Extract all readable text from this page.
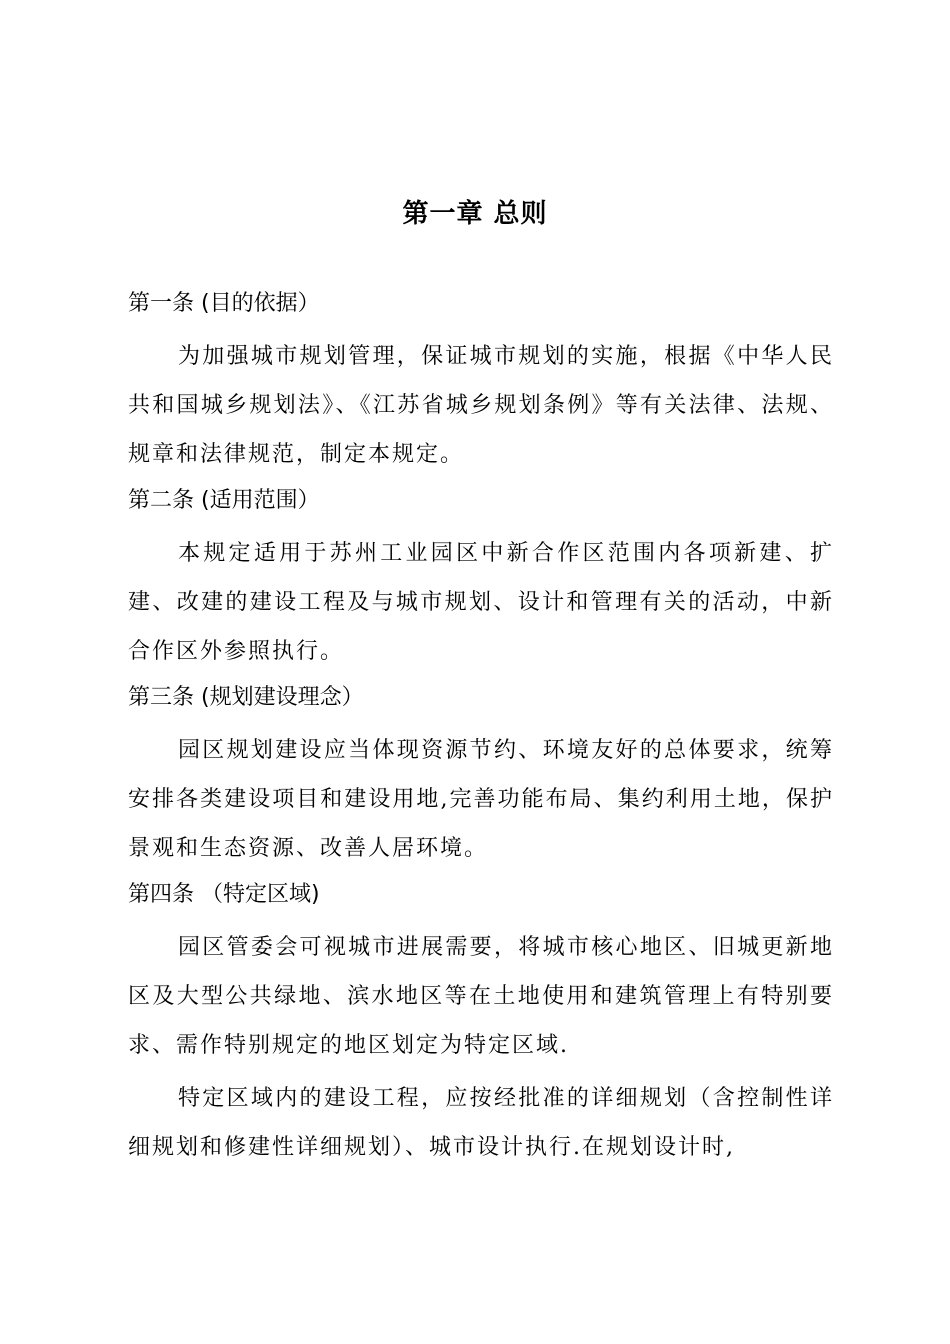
第一章 总则
第一条 (目的依据）

为加强城市规划管理，保证城市规划的实施，根据《中华人民共和国城乡规划法》、《江苏省城乡规划条例》等有关法律、法规、规章和法律规范，制定本规定。

第二条 (适用范围）

本规定适用于苏州工业园区中新合作区范围内各项新建、扩建、改建的建设工程及与城市规划、设计和管理有关的活动，中新合作区外参照执行。

第三条 (规划建设理念）

园区规划建设应当体现资源节约、环境友好的总体要求，统筹安排各类建设项目和建设用地,完善功能布局、集约利用土地，保护景观和生态资源、改善人居环境。

第四条 （特定区域)

园区管委会可视城市进展需要，将城市核心地区、旧城更新地区及大型公共绿地、滨水地区等在土地使用和建筑管理上有特别要求、需作特别规定的地区划定为特定区域.

特定区域内的建设工程，应按经批准的详细规划（含控制性详细规划和修建性详细规划）、城市设计执行.在规划设计时,
